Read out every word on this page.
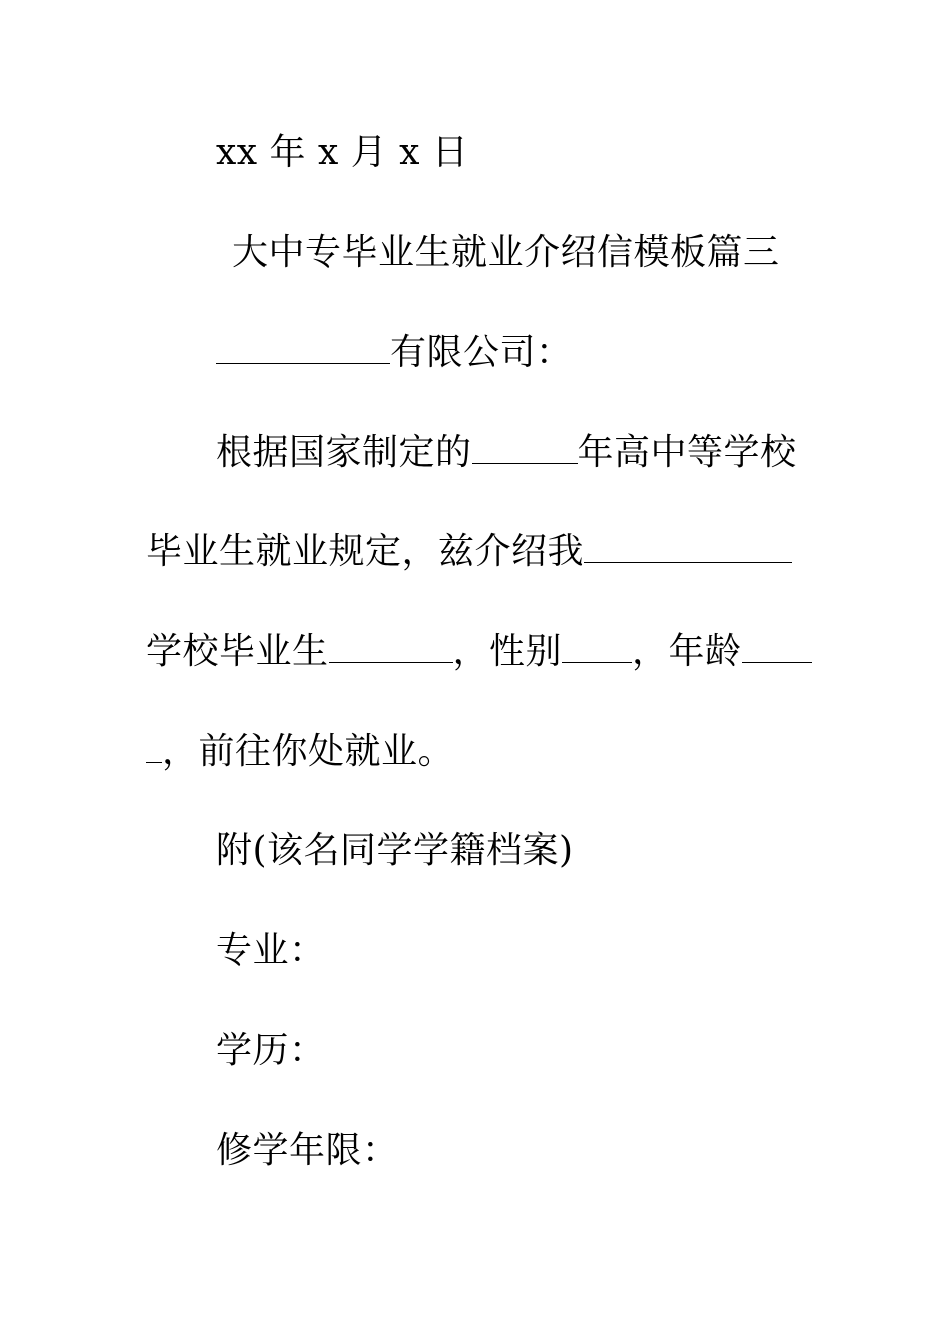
xx 年 x 月 x 日
大中专毕业生就业介绍信模板篇三
有限公司：
根据国家制定的	年高中等学校
毕业生就业规定，兹介绍我
学校毕业生	，性别 ，年龄
，前往你处就业。
附(该名同学学籍档案)
专业：
学历：
修学年限：
